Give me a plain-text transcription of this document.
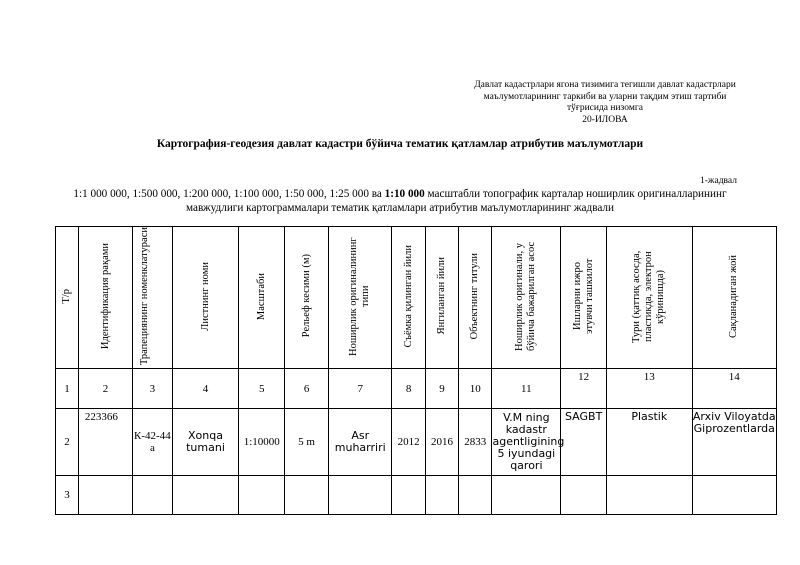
Давлат кадастрлари ягона тизимига тегишли давлат кадастрлари
маълумотларининг таркиби ва уларни тақдим этиш тартиби
тўғрисида низомга
20-ИЛОВА
Картография-геодезия давлат кадастри бўйича тематик қатламлар атрибутив маълумотлари
1-жадвал
1:1 000 000, 1:500 000, 1:200 000, 1:100 000, 1:50 000, 1:25 000 ва 1:10 000 масштабли топографик карталар ноширлик оригиналларининг
мавжудлиги картограммалари тематик қатламлари атрибутив маълумотларининг жадвали
Т/р	Идентификация рақами	Трапециянинг номенклатураси	Листнинг номи	Масштаби	Рельеф кесими (м)	Ноширлик оригиналининг типи	Съёмка қилинган йили	Янгиланган йили	Объектнинг титули	Ноширлик оригинали, у бўйича бажарилган асос	Ишларни ижро этувчи ташкилот	Тури (қаттиқ асосда, пластикда, электрон кўринишда)	Сақланадиган жой
1	2	3	4	5	6	7	8	9	10	11	12	13	14
2	223366	К-42-44 а	Xonqa tumani	1:10000	5 m	Asr muharriri	2012	2016	2833	V.M ning kadastr agentligining 5 iyundagi qarori	SAGBT	Plastik	Arxiv Viloyatda Giprozentlarda
3													
